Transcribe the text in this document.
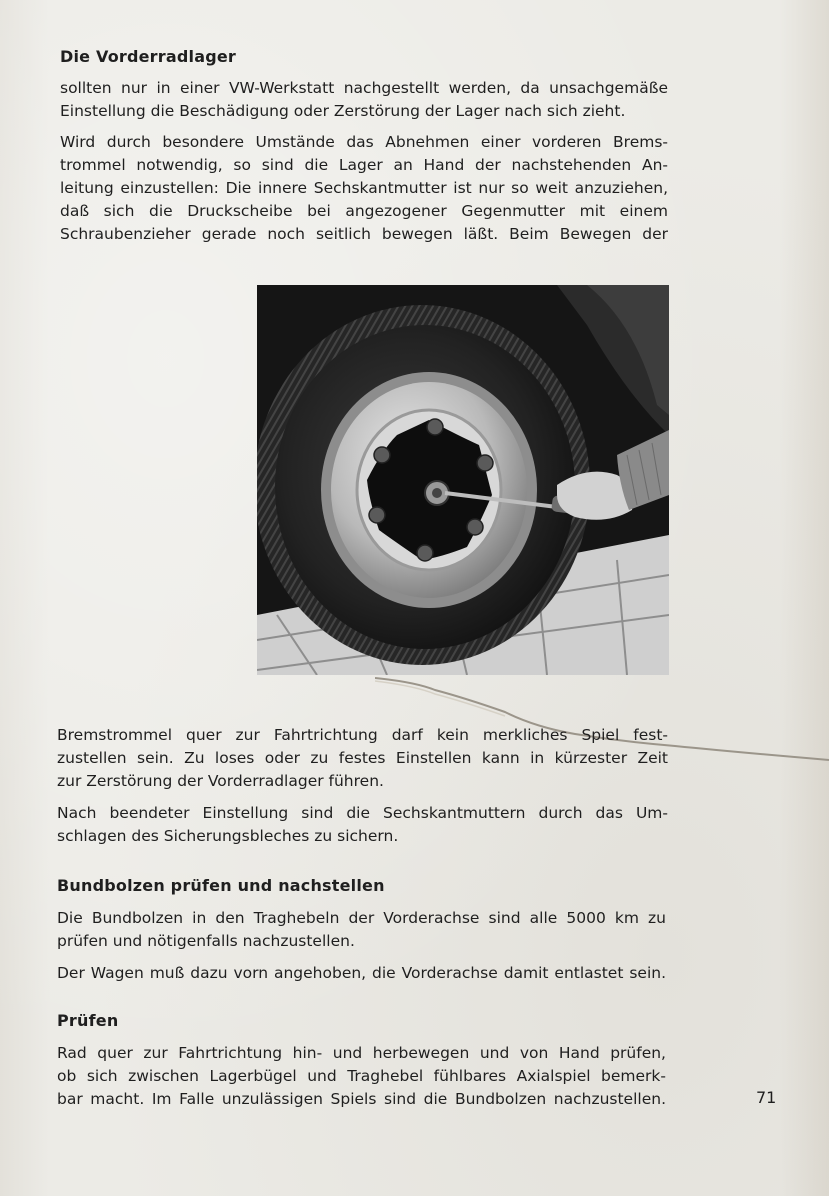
Die Vorderradlager
sollten nur in einer VW-Werkstatt nachgestellt werden, da unsachgemäße
Einstellung die Beschädigung oder Zerstörung der Lager nach sich zieht.
Wird durch besondere Umstände das Abnehmen einer vorderen Brems-
trommel notwendig, so sind die Lager an Hand der nachstehenden An-
leitung einzustellen: Die innere Sechskantmutter ist nur so weit anzuziehen,
daß sich die Druckscheibe bei angezogener Gegenmutter mit einem
Schraubenzieher gerade noch seitlich bewegen läßt. Beim Bewegen der
Bremstrommel quer zur Fahrtrichtung darf kein merkliches Spiel fest-
zustellen sein. Zu loses oder zu festes Einstellen kann in kürzester Zeit
zur Zerstörung der Vorderradlager führen.
Nach beendeter Einstellung sind die Sechskantmuttern durch das Um-
schlagen des Sicherungsbleches zu sichern.
Bundbolzen prüfen und nachstellen
Die Bundbolzen in den Traghebeln der Vorderachse sind alle 5000 km zu
prüfen und nötigenfalls nachzustellen.
Der Wagen muß dazu vorn angehoben, die Vorderachse damit entlastet sein.
Prüfen
Rad quer zur Fahrtrichtung hin- und herbewegen und von Hand prüfen,
ob sich zwischen Lagerbügel und Traghebel fühlbares Axialspiel bemerk-
bar macht. Im Falle unzulässigen Spiels sind die Bundbolzen nachzustellen.	71
